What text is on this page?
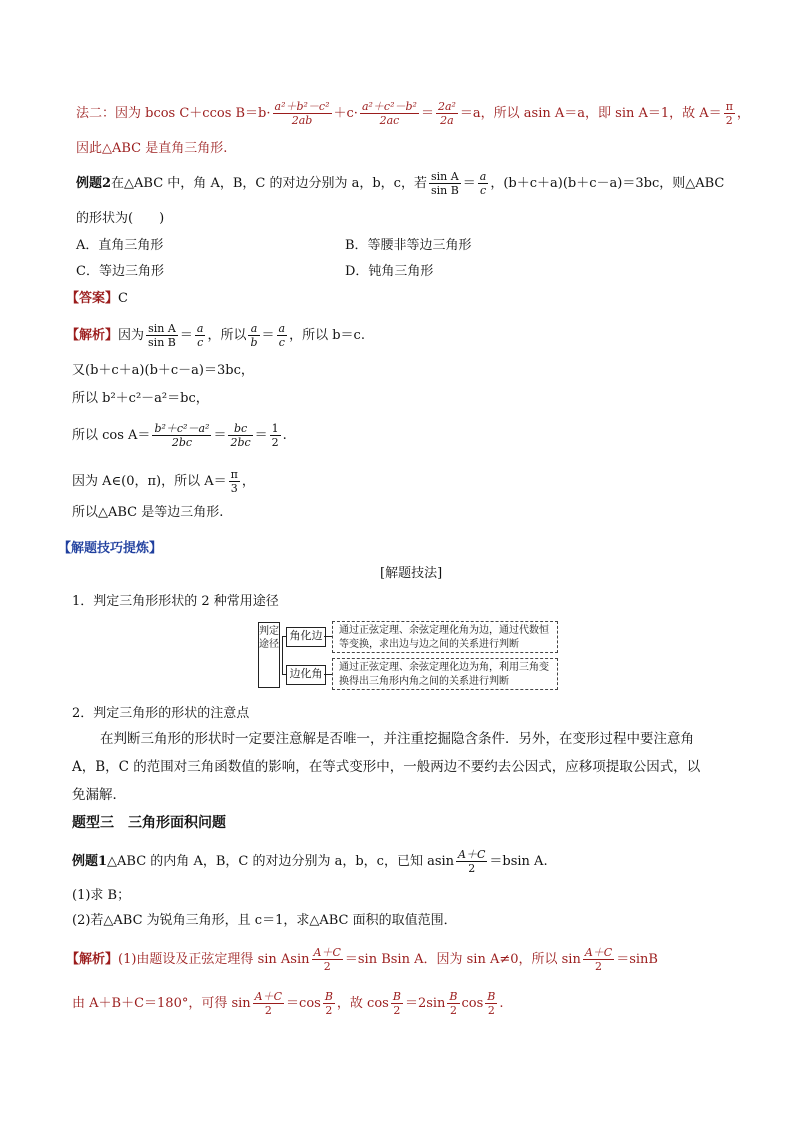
法二：因为 bcos C＋ccos $B=b\cdot \frac{\text{a²＋b²－c²}}{2ab} +c\cdot \frac{\text{a²＋c²－b²}}{2ac} = \frac{\text{2a²}}{2a} =a$，所以 asin A＝a，即 sin A＝1，故 $A= \frac{\pi}{2}$ ，
因此△ABC 是直角三角形.
例题2在△ABC 中，角 A，B，C 的对边分别为 a，b，c，若 $\frac{\text{sin A}}{\text{sin B}} = \frac{a}{c}$ ，(b＋c＋a)(b＋c－a)＝3bc，则△ABC
的形状为(　　)
A．直角三角形	B．等腰非等边三角形
C．等边三角形	D．钝角三角形
【答案】C
【解析】因为 $\frac{\text{sin A}}{\text{sin B}} = \frac{a}{c}$ ，所以 $\frac{a}{b} = \frac{a}{c}$ ，所以 b＝c.
又(b＋c＋a)(b＋c－a)＝3bc，
所以 b²＋c²－a²＝bc，
所以 $\cos A= \frac{\text{b²＋c²－a²}}{2bc} = \frac{bc}{2bc} = \frac{1}{2}$ .
因为 A∈(0，π)，所以 $A= \frac{\pi}{3}$ ，
所以△ABC 是等边三角形.
【解题技巧提炼】
[解题技法]
1．判定三角形形状的 2 种常用途径
判定途径
角化边
边化角
通过正弦定理、余弦定理化角为边，通过代数恒等变换，求出边与边之间的关系进行判断
通过正弦定理、余弦定理化边为角，利用三角变换得出三角形内角之间的关系进行判断
2．判定三角形的形状的注意点
在判断三角形的形状时一定要注意解是否唯一，并注重挖掘隐含条件．另外，在变形过程中要注意角
A，B，C 的范围对三角函数值的影响，在等式变形中，一般两边不要约去公因式，应移项提取公因式，以
免漏解．
题型三　三角形面积问题
例题1△ABC 的内角 A，B，C 的对边分别为 a，b，c，已知 asin $\frac{A+C}{2} =bsin$ A.
(1)求 B；
(2)若△ABC 为锐角三角形，且 c＝1，求△ABC 面积的取值范围．
【解析】(1)由题设及正弦定理得 sin Asin $\frac{A+C}{2} =\sin$ Bsin A．因为 sin A≠0，所以 $\sin \frac{A+C}{2} =\sin B$
由 A＋B＋C＝180°，可得 $\sin \frac{A+C}{2} =\cos \frac{B}{2}$ ，故 $\cos \frac{B}{2} =2\sin \frac{B}{2}$ $\cos \frac{B}{2}$ .
